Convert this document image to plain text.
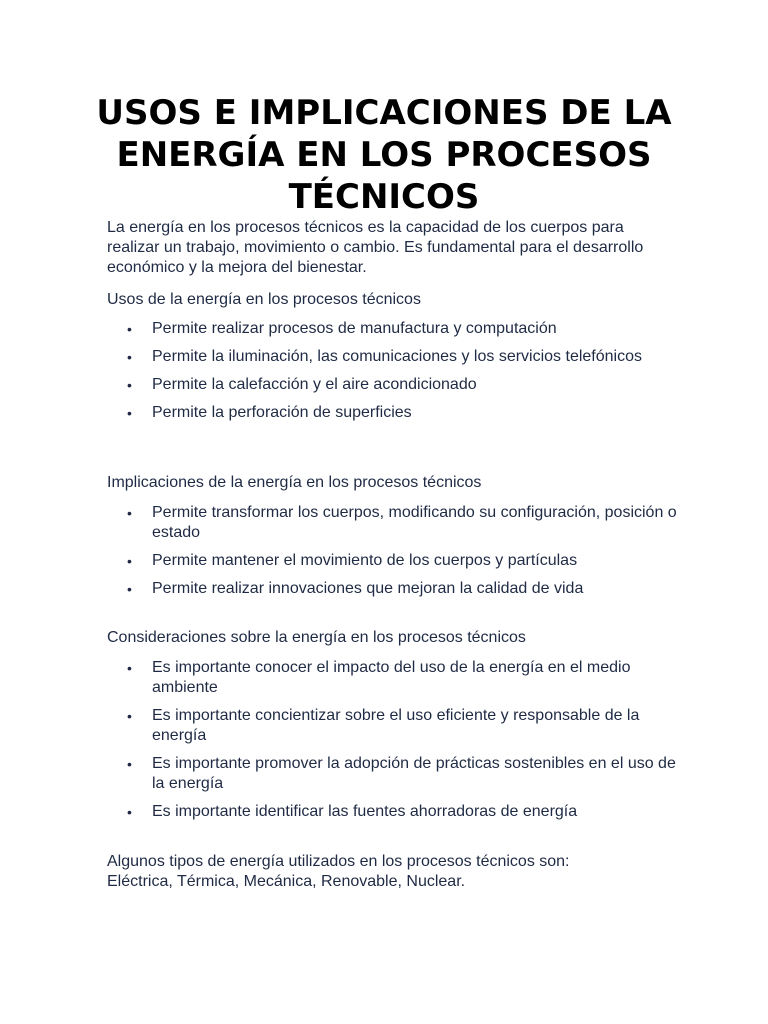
USOS E IMPLICACIONES DE LA ENERGÍA EN LOS PROCESOS TÉCNICOS

La energía en los procesos técnicos es la capacidad de los cuerpos para realizar un trabajo, movimiento o cambio. Es fundamental para el desarrollo económico y la mejora del bienestar.

Usos de la energía en los procesos técnicos

• Permite realizar procesos de manufactura y computación
• Permite la iluminación, las comunicaciones y los servicios telefónicos
• Permite la calefacción y el aire acondicionado
• Permite la perforación de superficies

Implicaciones de la energía en los procesos técnicos

• Permite transformar los cuerpos, modificando su configuración, posición o estado
• Permite mantener el movimiento de los cuerpos y partículas
• Permite realizar innovaciones que mejoran la calidad de vida

Consideraciones sobre la energía en los procesos técnicos

• Es importante conocer el impacto del uso de la energía en el medio ambiente
• Es importante concientizar sobre el uso eficiente y responsable de la energía
• Es importante promover la adopción de prácticas sostenibles en el uso de la energía
• Es importante identificar las fuentes ahorradoras de energía

Algunos tipos de energía utilizados en los procesos técnicos son: Eléctrica, Térmica, Mecánica, Renovable, Nuclear.
